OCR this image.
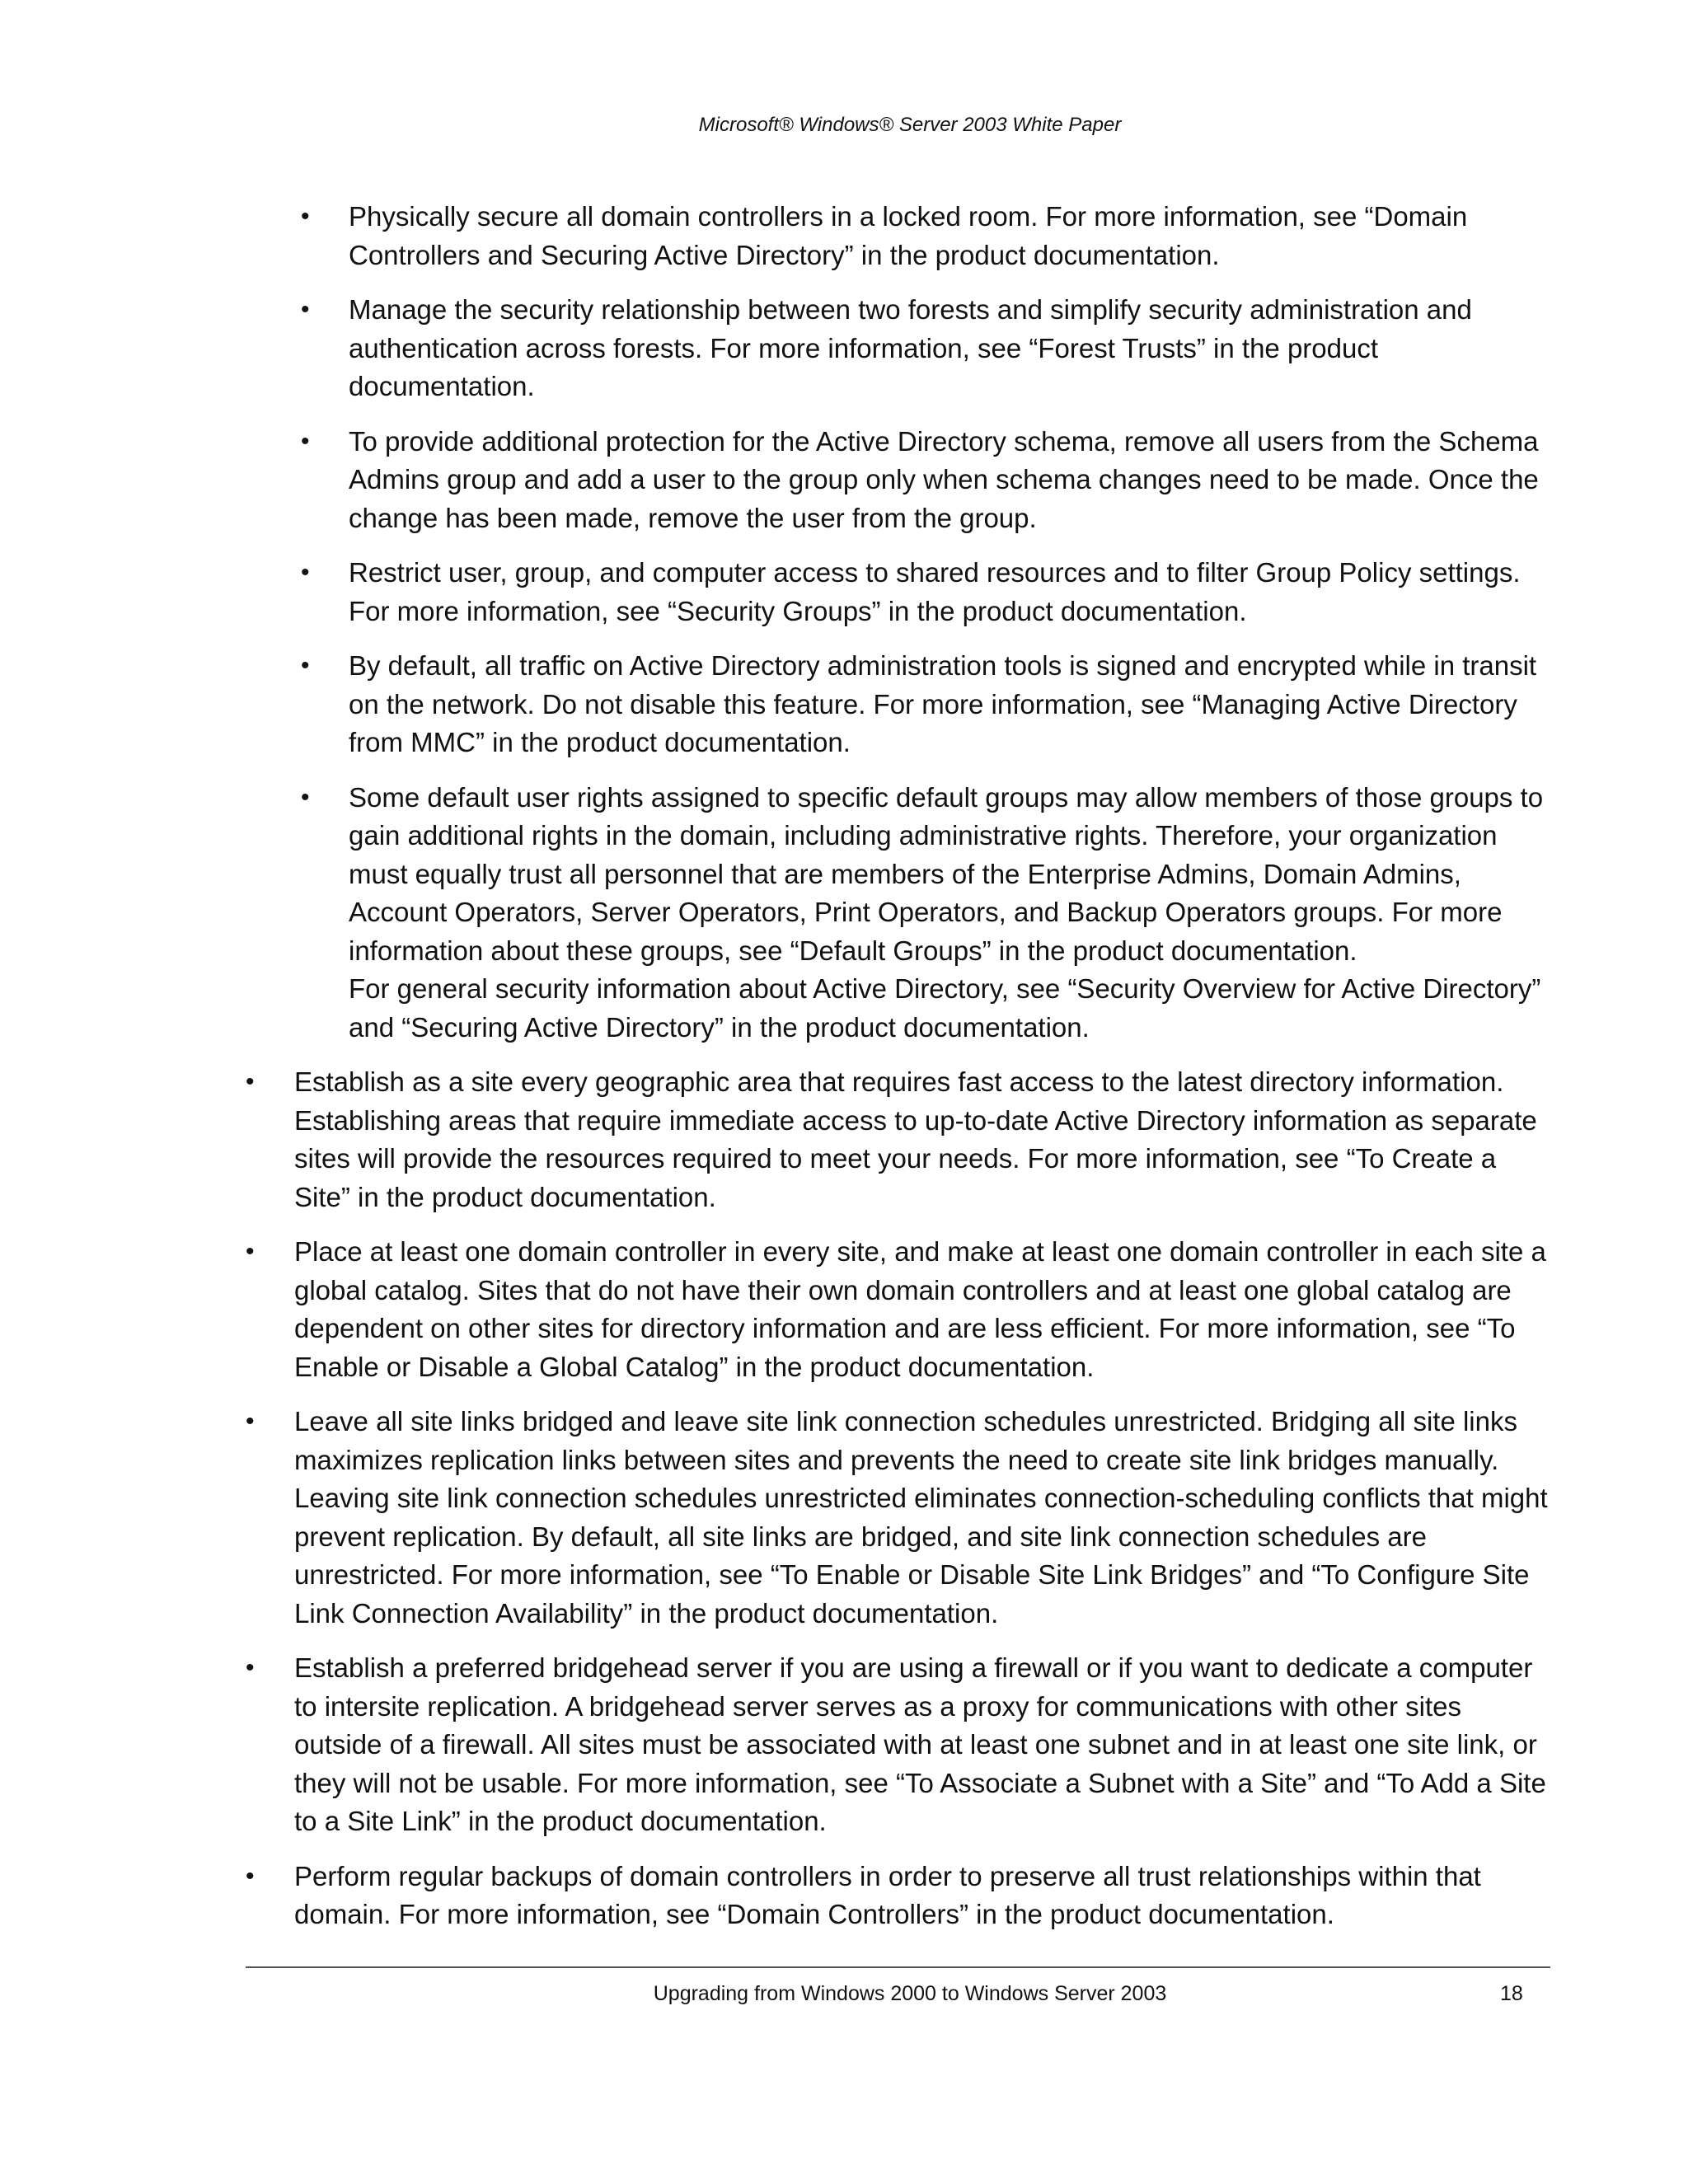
Microsoft® Windows® Server 2003 White Paper
• Physically secure all domain controllers in a locked room. For more information, see “Domain Controllers and Securing Active Directory” in the product documentation.
• Manage the security relationship between two forests and simplify security administration and authentication across forests. For more information, see “Forest Trusts” in the product documentation.
• To provide additional protection for the Active Directory schema, remove all users from the Schema Admins group and add a user to the group only when schema changes need to be made. Once the change has been made, remove the user from the group.
• Restrict user, group, and computer access to shared resources and to filter Group Policy settings. For more information, see “Security Groups” in the product documentation.
• By default, all traffic on Active Directory administration tools is signed and encrypted while in transit on the network. Do not disable this feature. For more information, see “Managing Active Directory from MMC” in the product documentation.
• Some default user rights assigned to specific default groups may allow members of those groups to gain additional rights in the domain, including administrative rights. Therefore, your organization must equally trust all personnel that are members of the Enterprise Admins, Domain Admins, Account Operators, Server Operators, Print Operators, and Backup Operators groups. For more information about these groups, see “Default Groups” in the product documentation.
For general security information about Active Directory, see “Security Overview for Active Directory” and “Securing Active Directory” in the product documentation.
• Establish as a site every geographic area that requires fast access to the latest directory information. Establishing areas that require immediate access to up-to-date Active Directory information as separate sites will provide the resources required to meet your needs. For more information, see “To Create a Site” in the product documentation.
• Place at least one domain controller in every site, and make at least one domain controller in each site a global catalog. Sites that do not have their own domain controllers and at least one global catalog are dependent on other sites for directory information and are less efficient. For more information, see “To Enable or Disable a Global Catalog” in the product documentation.
• Leave all site links bridged and leave site link connection schedules unrestricted. Bridging all site links maximizes replication links between sites and prevents the need to create site link bridges manually. Leaving site link connection schedules unrestricted eliminates connection-scheduling conflicts that might prevent replication. By default, all site links are bridged, and site link connection schedules are unrestricted. For more information, see “To Enable or Disable Site Link Bridges” and “To Configure Site Link Connection Availability” in the product documentation.
• Establish a preferred bridgehead server if you are using a firewall or if you want to dedicate a computer to intersite replication. A bridgehead server serves as a proxy for communications with other sites outside of a firewall. All sites must be associated with at least one subnet and in at least one site link, or they will not be usable. For more information, see “To Associate a Subnet with a Site” and “To Add a Site to a Site Link” in the product documentation.
• Perform regular backups of domain controllers in order to preserve all trust relationships within that domain. For more information, see “Domain Controllers” in the product documentation.
Upgrading from Windows 2000 to Windows Server 2003	18
